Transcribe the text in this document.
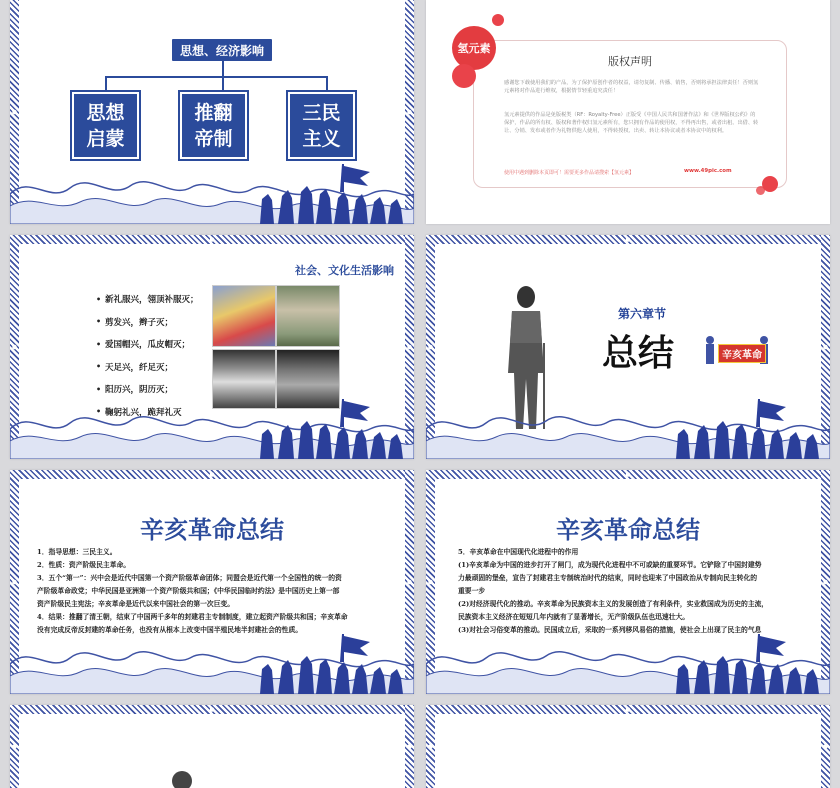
思想、经济影响
思想
启蒙
推翻
帝制
三民
主义
版权声明
感谢您下载使用我们的产品，为了保护原创作者的权益，请勿复制、传播、销售，否则将承担法律责任！否则氢元素将对作品进行维权，根据情节轻重追究责任！
氢元素提供的作品是免版税类（RF：Royalty-Free）正版受《中国人民共和国著作法》和《世界版权公约》的保护，作品的所有权、版权和著作权归氢元素所有，您只拥有作品的使用权，不得再出售，或者出租、出借、转让、分销、发布或者作为礼物供他人使用，不得转授权、出卖、转让本协议或者本协议中的权利。
使用中遇到删除本页即可！需要更多作品请搜索【氢元素】	www.49pic.com
氢元素
社会、文化生活影响
• 新礼服兴，翎顶补服灭；
• 剪发兴，辫子灭；
• 爱国帽兴，瓜皮帽灭；
• 天足兴，纤足灭；
• 阳历兴，阴历灭；
• 鞠躬礼兴，跪拜礼灭
第六章节
总结	辛亥革命
辛亥革命总结

1．指导思想：三民主义。

2．性质：资产阶级民主革命。

3．五个“第一”：兴中会是近代中国第一个资产阶级革命团体；同盟会是近代第一个全国性的统一的资

产阶级革命政党；中华民国是亚洲第一个资产阶级共和国；《中华民国临时约法》是中国历史上第一部

资产阶级民主宪法；辛亥革命是近代以来中国社会的第一次巨变。

4．结果：推翻了清王朝，结束了中国两千多年的封建君主专制制度，建立起资产阶级共和国；辛亥革命

没有完成反帝反封建的革命任务，也没有从根本上改变中国半殖民地半封建社会的性质。

辛亥革命总结

5．辛亥革命在中国现代化进程中的作用

(1)辛亥革命为中国的进步打开了闸门，成为现代化进程中不可或缺的重要环节。它铲除了中国封建势

力最顽固的堡垒，宣告了封建君主专制统治时代的结束，同时也迎来了中国政治从专制向民主转化的

重要一步

(2)对经济现代化的推动。辛亥革命为民族资本主义的发展创造了有利条件，实业救国成为历史的主流，

民族资本主义经济在短短几年内就有了显著增长，无产阶级队伍也迅速壮大。

(3)对社会习俗变革的推动。民国成立后，采取的一系列移风易俗的措施，使社会上出现了民主的气息
